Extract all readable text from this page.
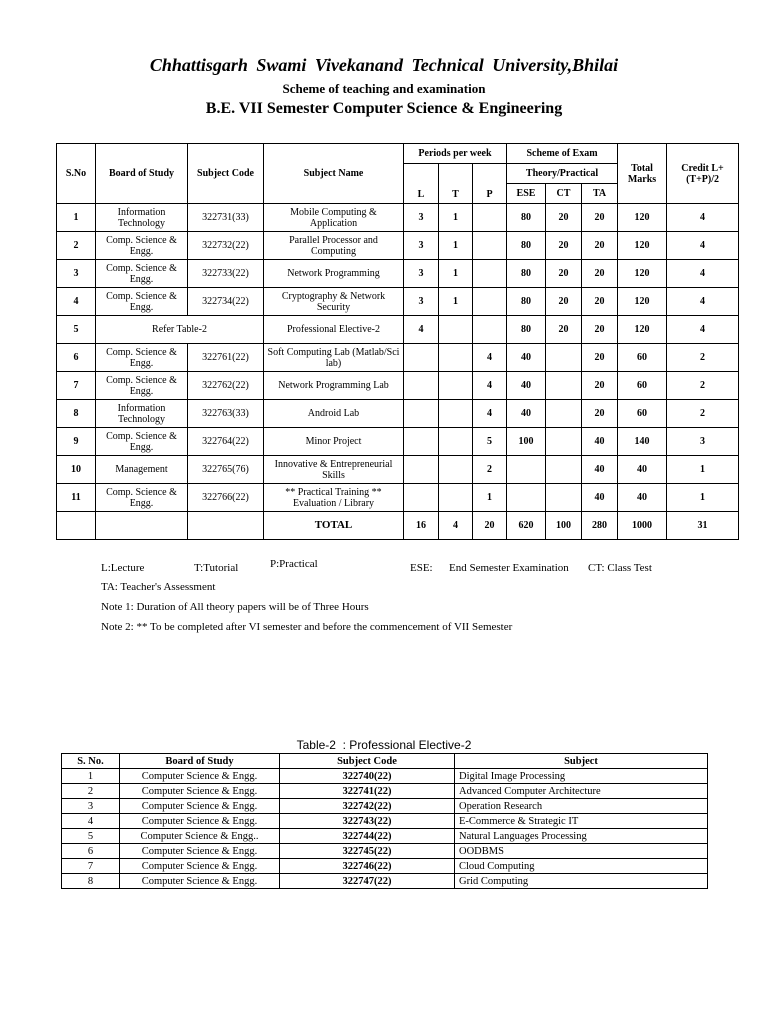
Chhattisgarh Swami Vivekanand Technical University,Bhilai
Scheme of teaching and examination
B.E. VII Semester Computer Science & Engineering
S.No	Board of Study	Subject Code	Subject Name	Periods per week			Scheme of Exam			Total Marks	Credit L+(T+P)/2
				L	T	P	Theory/Practical				
							ESE	CT	TA		
1	Information Technology	322731(33)	Mobile Computing & Application	3	1		80	20	20	120	4
2	Comp. Science & Engg.	322732(22)	Parallel Processor and Computing	3	1		80	20	20	120	4
3	Comp. Science & Engg.	322733(22)	Network Programming	3	1		80	20	20	120	4
4	Comp. Science & Engg.	322734(22)	Cryptography & Network Security	3	1		80	20	20	120	4
5	Refer Table-2		Professional Elective-2	4			80	20	20	120	4
6	Comp. Science & Engg.	322761(22)	Soft Computing Lab (Matlab/Sci lab)			4	40		20	60	2
7	Comp. Science & Engg.	322762(22)	Network Programming Lab			4	40		20	60	2
8	Information Technology	322763(33)	Android Lab			4	40		20	60	2
9	Comp. Science & Engg.	322764(22)	Minor Project			5	100		40	140	3
10	Management	322765(76)	Innovative & Entrepreneurial Skills			2			40	40	1
11	Comp. Science & Engg.	322766(22)	** Practical Training ** Evaluation / Library			1			40	40	1
			TOTAL	16	4	20	620	100	280	1000	31
L:Lecture	T:Tutorial	P:Practical	ESE: End Semester Examination CT: Class Test
TA: Teacher's Assessment
Note 1: Duration of All theory papers will be of Three Hours
Note 2: ** To be completed after VI semester and before the commencement of VII Semester
Table-2 : Professional Elective-2
S. No.	Board of Study	Subject Code	Subject
1	Computer Science & Engg.	322740(22)	Digital Image Processing
2	Computer Science & Engg.	322741(22)	Advanced Computer Architecture
3	Computer Science & Engg.	322742(22)	Operation Research
4	Computer Science & Engg.	322743(22)	E-Commerce & Strategic IT
5	Computer Science & Engg..	322744(22)	Natural Languages Processing
6	Computer Science & Engg.	322745(22)	OODBMS
7	Computer Science & Engg.	322746(22)	Cloud Computing
8	Computer Science & Engg.	322747(22)	Grid Computing
